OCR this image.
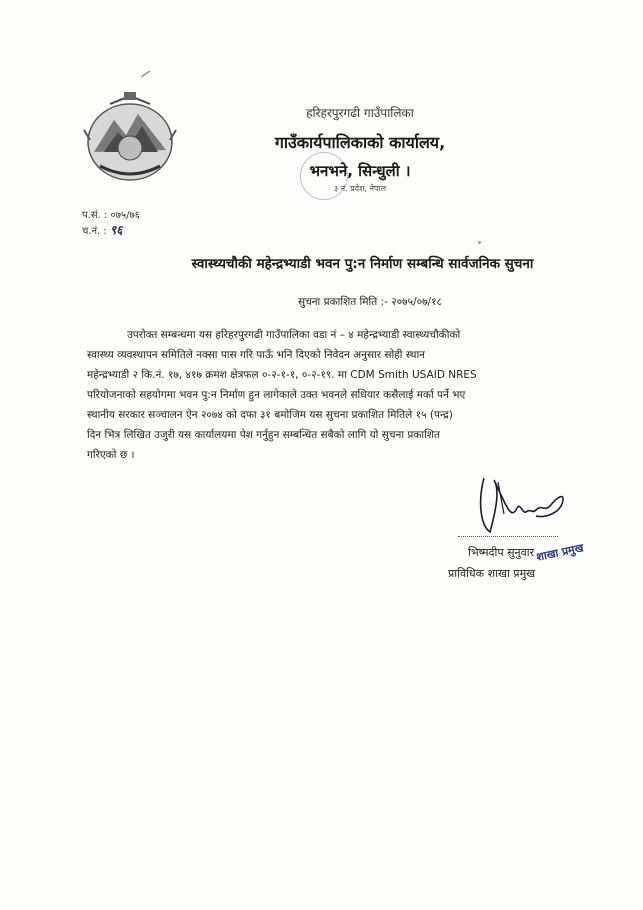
हरिहरपुरगढी गाउँपालिका
गाउँकार्यपालिकाको कार्यालय,
भनभनेे, सिन्धुली ।
३ नं. प्रदेश, नेपाल
प.सं. : ०७५/७६
च.नं. : ९६
स्वास्थ्यचौकी महेन्द्रभ्याडी भवन पु:न निर्माण सम्बन्धि सार्वजनिक सुचना
सुचना प्रकाशित मिति :- २०७५/०७/१८
उपरोक्त सम्बन्धमा यस हरिहरपुरगढी गाउँपालिका वडा नं – ४ महेन्द्रभ्याडी स्वास्थ्यचौकीको
स्वास्थ्य व्यवस्थापन समितिले नक्सा पास गरि पाऊँ भनि दिएको निवेदन अनुसार सोही स्थान
महेन्द्रभ्याडी २ कि.नं. १७, ४१७ क्रमश क्षेत्रफल ०-२-१-१, ०-२-१९. मा CDM Smith USAID NRES
परियोजनाको सहयोगमा भवन पु:न निर्माण हुन लागेकाले उक्त भवनले सधियार कसैलाई मर्का पर्ने भए
स्थानीय सरकार सञ्चालन ऐन २०७४ को दफा ३१ बमोजिम यस सुचना प्रकाशित मितिले १५ (पन्द्र)
दिन भित्र लिखित उजुरी यस कार्यालयमा पेश गर्नुहुन सम्बन्धित सबैको लागि यो सुचना प्रकाशित
गरिएको छ ।
भिष्मदीप सुनुवार शाखा प्रमुख
प्राविधिक शाखा प्रमुख
